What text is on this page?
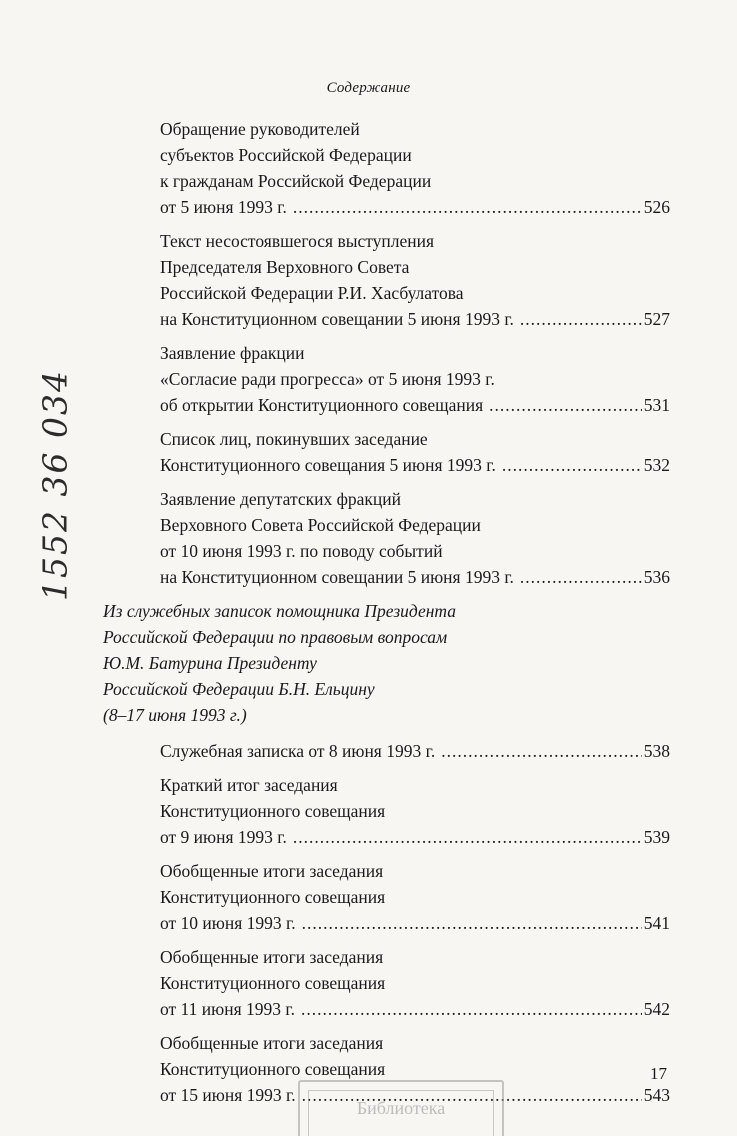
Содержание
Обращение руководителей
субъектов Российской Федерации
к гражданам Российской Федерации
от 5 июня 1993 г. .....	526
Текст несостоявшегося выступления
Председателя Верховного Совета
Российской Федерации Р.И. Хасбулатова
на Конституционном совещании 5 июня 1993 г. .....	527
Заявление фракции
«Согласие ради прогресса» от 5 июня 1993 г.
об открытии Конституционного совещания .....	531
Список лиц, покинувших заседание
Конституционного совещания 5 июня 1993 г. .....	532
Заявление депутатских фракций
Верховного Совета Российской Федерации
от 10 июня 1993 г. по поводу событий
на Конституционном совещании 5 июня 1993 г. .....	536
Из служебных записок помощника Президента
Российской Федерации по правовым вопросам
Ю.М. Батурина Президенту
Российской Федерации Б.Н. Ельцину
(8–17 июня 1993 г.)
Служебная записка от 8 июня 1993 г. .....	538
Краткий итог заседания
Конституционного совещания
от 9 июня 1993 г. .....	539
Обобщенные итоги заседания
Конституционного совещания
от 10 июня 1993 г. .....	541
Обобщенные итоги заседания
Конституционного совещания
от 11 июня 1993 г. .....	542
Обобщенные итоги заседания
Конституционного совещания
от 15 июня 1993 г. .....	543
17
1552 36 034
Библиотека
